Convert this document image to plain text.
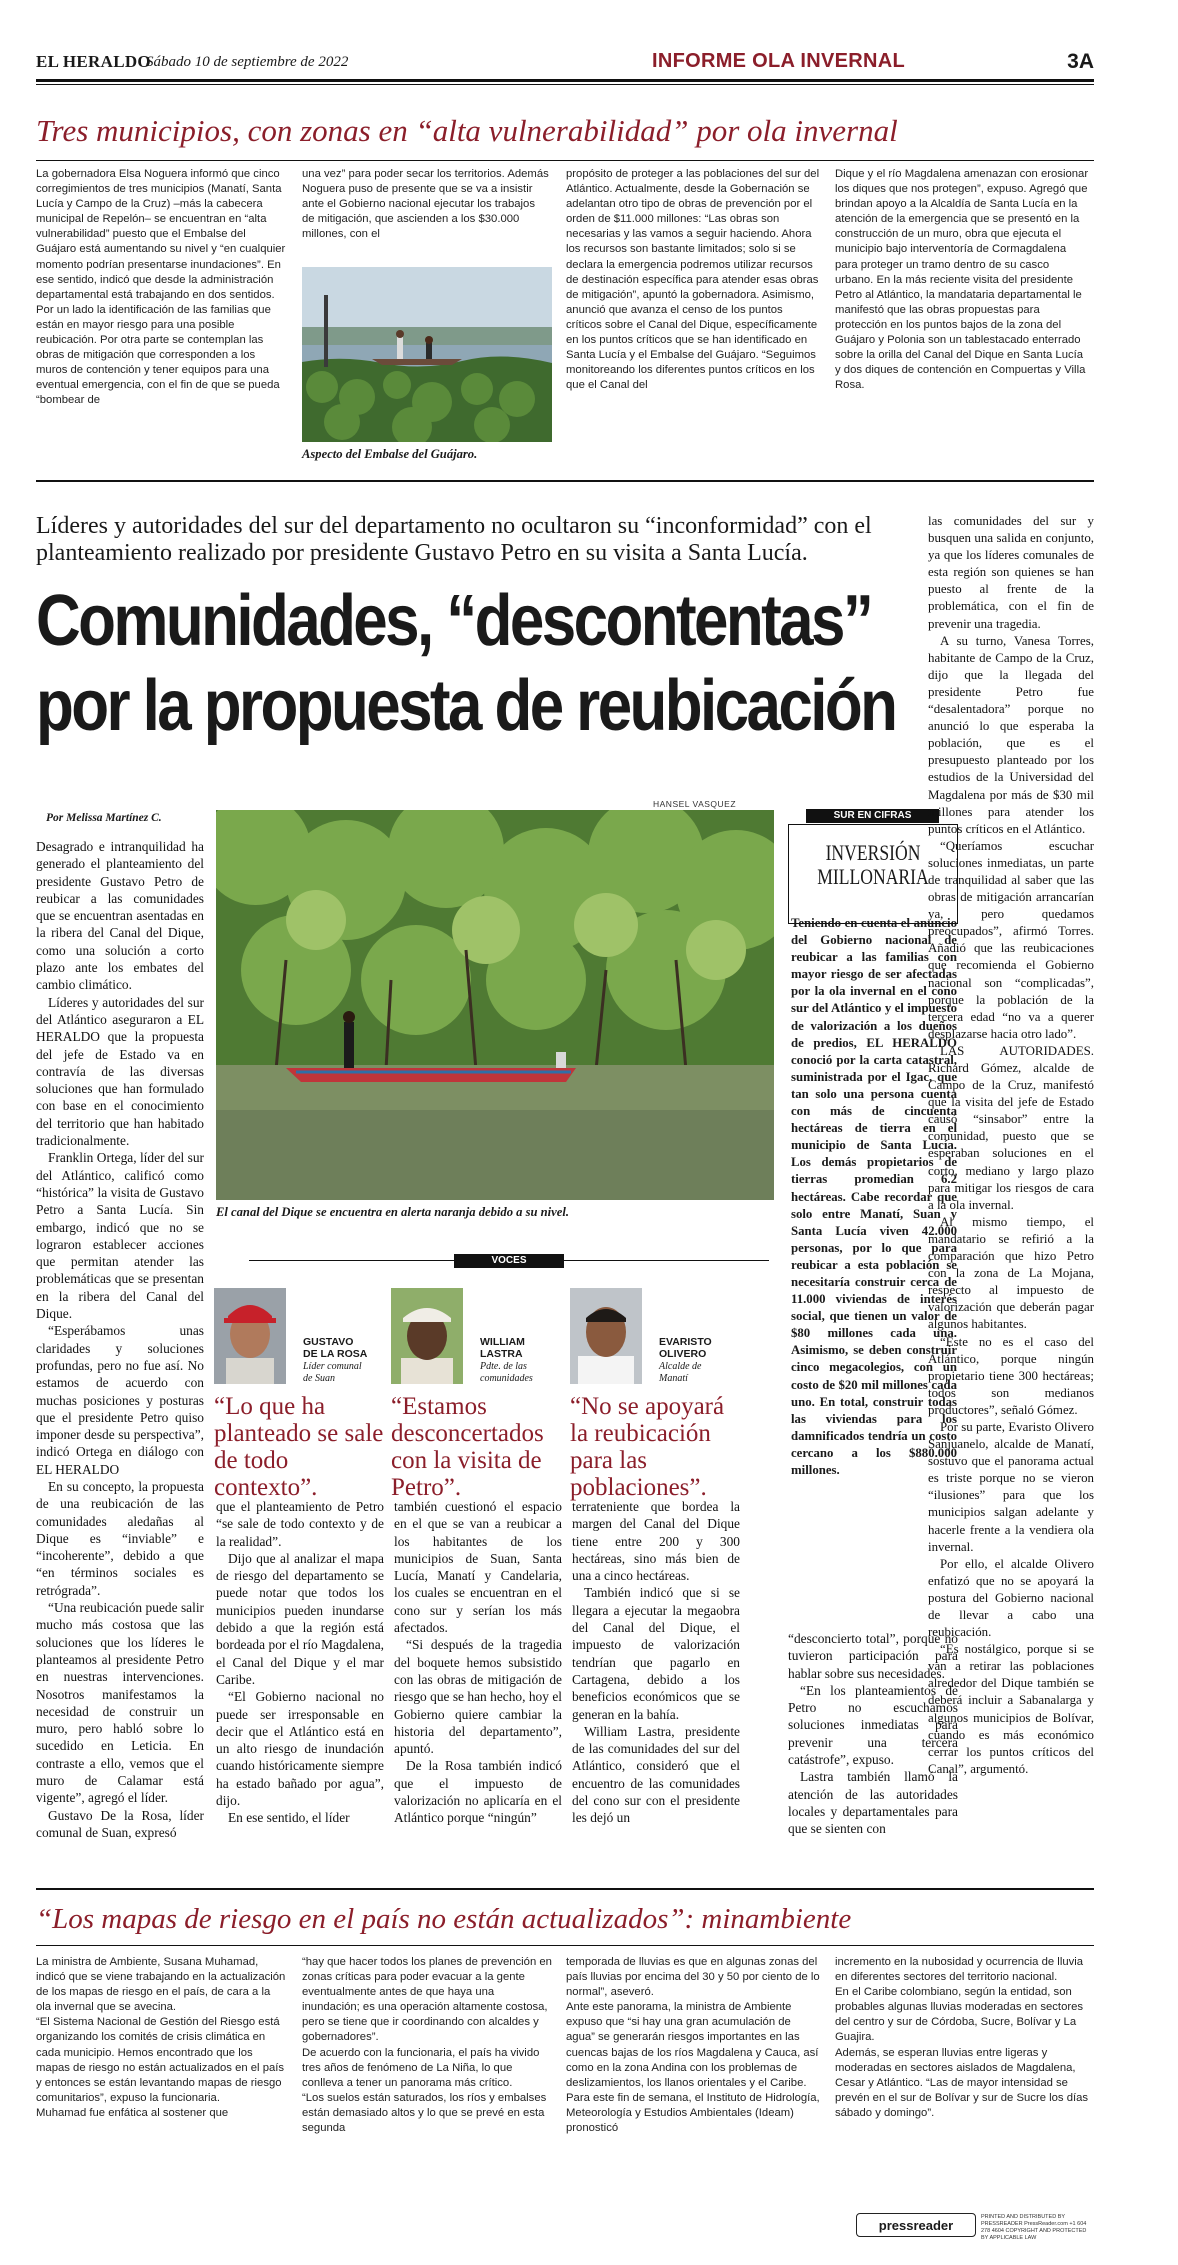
EL HERALDO
Sábado 10 de septiembre de 2022	INFORME OLA INVERNAL	3A
Tres municipios, con zonas en “alta vulnerabilidad” por ola invernal

La gobernadora Elsa Noguera informó que cinco corregimientos de tres municipios (Manatí, Santa Lucía y Campo de la Cruz) –más la cabecera municipal de Repelón– se encuentran en “alta vulnerabilidad” puesto que el Embalse del Guájaro está aumentando su nivel y “en cualquier momento podrían presentarse inundaciones”. En ese sentido, indicó que desde la administración departamental está trabajando en dos sentidos. Por un lado la identificación de las familias que están en mayor riesgo para una posible reubicación. Por otra parte se contemplan las obras de mitigación que corresponden a los muros de contención y tener equipos para una eventual emergencia, con el fin de que se pueda “bombear de

una vez” para poder secar los territorios. Además Noguera puso de presente que se va a insistir ante el Gobierno nacional ejecutar los trabajos de mitigación, que ascienden a los $30.000 millones, con el

Aspecto del Embalse del Guájaro.

propósito de proteger a las poblaciones del sur del Atlántico. Actualmente, desde la Gobernación se adelantan otro tipo de obras de prevención por el orden de $11.000 millones: “Las obras son necesarias y las vamos a seguir haciendo. Ahora los recursos son bastante limitados; solo si se declara la emergencia podremos utilizar recursos de destinación específica para atender esas obras de mitigación”, apuntó la gobernadora. Asimismo, anunció que avanza el censo de los puntos críticos sobre el Canal del Dique, específicamente en los puntos críticos que se han identificado en Santa Lucía y el Embalse del Guájaro. “Seguimos monitoreando los diferentes puntos críticos en los que el Canal del

Dique y el río Magdalena amenazan con erosionar los diques que nos protegen”, expuso. Agregó que brindan apoyo a la Alcaldía de Santa Lucía en la atención de la emergencia que se presentó en la construcción de un muro, obra que ejecuta el municipio bajo interventoría de Cormagdalena para proteger un tramo dentro de su casco urbano. En la más reciente visita del presidente Petro al Atlántico, la mandataria departamental le manifestó que las obras propuestas para protección en los puntos bajos de la zona del Guájaro y Polonia son un tablestacado enterrado sobre la orilla del Canal del Dique en Santa Lucía y dos diques de contención en Compuertas y Villa Rosa.

Líderes y autoridades del sur del departamento no ocultaron su “inconformidad” con el planteamiento realizado por presidente Gustavo Petro en su visita a Santa Lucía.
Comunidades, “descontentas”
por la propuesta de reubicación
Por Melissa Martínez C.
HANSEL VASQUEZ
El canal del Dique se encuentra en alerta naranja debido a su nivel.

Desagrado e intranquilidad ha generado el planteamiento del presidente Gustavo Petro de reubicar a las comunidades que se encuentran asentadas en la ribera del Canal del Dique, como una solución a corto plazo ante los embates del cambio climático.

Líderes y autoridades del sur del Atlántico aseguraron a EL HERALDO que la propuesta del jefe de Estado va en contravía de las diversas soluciones que han formulado con base en el conocimiento del territorio que han habitado tradicionalmente.

Franklin Ortega, líder del sur del Atlántico, calificó como “histórica” la visita de Gustavo Petro a Santa Lucía. Sin embargo, indicó que no se lograron establecer acciones que permitan atender las problemáticas que se presentan en la ribera del Canal del Dique.

“Esperábamos unas claridades y soluciones profundas, pero no fue así. No estamos de acuerdo con muchas posiciones y posturas que el presidente Petro quiso imponer desde su perspectiva”, indicó Ortega en diálogo con EL HERALDO

En su concepto, la propuesta de una reubicación de las comunidades aledañas al Dique es “inviable” e “incoherente”, debido a que “en términos sociales es retrógrada”.

“Una reubicación puede salir mucho más costosa que las soluciones que los líderes le planteamos al presidente Petro en nuestras intervenciones. Nosotros manifestamos la necesidad de construir un muro, pero habló sobre lo sucedido en Leticia. En contraste a ello, vemos que el muro de Calamar está vigente”, agregó el líder.

Gustavo De la Rosa, líder comunal de Suan, expresó

SUR EN CIFRAS
INVERSIÓN MILLONARIA
Teniendo en cuenta el anuncio del Gobierno nacional de reubicar a las familias con mayor riesgo de ser afectadas por la ola invernal en el cono sur del Atlántico y el impuesto de valorización a los dueños de predios, EL HERALDO conoció por la carta catastral, suministrada por el Igac, que tan solo una persona cuenta con más de cincuenta hectáreas de tierra en el municipio de Santa Lucía. Los demás propietarios de tierras promedian 6.2 hectáreas. Cabe recordar que solo entre Manatí, Suan y Santa Lucía viven 42.000 personas, por lo que para reubicar a esta población se necesitaría construir cerca de 11.000 viviendas de interés social, que tienen un valor de $80 millones cada una. Asimismo, se deben construir cinco megacolegios, con un costo de $20 mil millones cada uno. En total, construir todas las viviendas para los damnificados tendría un costo cercano a los $880.000 millones.
VOCES
GUSTAVO
DE LA ROSA
Líder comunal
de Suan
“Lo que ha planteado se sale de todo contexto”.
WILLIAM
LASTRA
Pdte. de las
comunidades
“Estamos desconcertados con la visita de Petro”.
EVARISTO
OLIVERO
Alcalde de
Manatí
“No se apoyará la reubicación para las poblaciones”.

que el planteamiento de Petro “se sale de todo contexto y de la realidad”.

Dijo que al analizar el mapa de riesgo del departamento se puede notar que todos los municipios pueden inundarse debido a que la región está bordeada por el río Magdalena, el Canal del Dique y el mar Caribe.

“El Gobierno nacional no puede ser irresponsable en decir que el Atlántico está en un alto riesgo de inundación cuando históricamente siempre ha estado bañado por agua”, dijo.

En ese sentido, el líder

también cuestionó el espacio en el que se van a reubicar a los habitantes de los municipios de Suan, Santa Lucía, Manatí y Candelaria, los cuales se encuentran en el cono sur y serían los más afectados.

“Si después de la tragedia del boquete hemos subsistido con las obras de mitigación de riesgo que se han hecho, hoy el Gobierno quiere cambiar la historia del departamento”, apuntó.

De la Rosa también indicó que el impuesto de valorización no aplicaría en el Atlántico porque “ningún”

terrateniente que bordea la margen del Canal del Dique tiene entre 200 y 300 hectáreas, sino más bien de una a cinco hectáreas.

También indicó que si se llegara a ejecutar la megaobra del Canal del Dique, el impuesto de valorización tendrían que pagarlo en Cartagena, debido a los beneficios económicos que se generan en la bahía.

William Lastra, presidente de las comunidades del sur del Atlántico, consideró que el encuentro de las comunidades del cono sur con el presidente les dejó un

“desconcierto total”, porque no tuvieron participación para hablar sobre sus necesidades.

“En los planteamientos de Petro no escuchamos soluciones inmediatas para prevenir una tercera catástrofe”, expuso.

Lastra también llamó la atención de las autoridades locales y departamentales para que se sienten con

las comunidades del sur y busquen una salida en conjunto, ya que los líderes comunales de esta región son quienes se han puesto al frente de la problemática, con el fin de prevenir una tragedia.

A su turno, Vanesa Torres, habitante de Campo de la Cruz, dijo que la llegada del presidente Petro fue “desalentadora” porque no anunció lo que esperaba la población, que es el presupuesto planteado por los estudios de la Universidad del Magdalena por más de $30 mil millones para atender los puntos críticos en el Atlántico.

“Queríamos escuchar soluciones inmediatas, un parte de tranquilidad al saber que las obras de mitigación arrancarían ya, pero quedamos preocupados”, afirmó Torres. Añadió que las reubicaciones que recomienda el Gobierno nacional son “complicadas”, porque la población de la tercera edad “no va a querer desplazarse hacia otro lado”.

LAS AUTORIDADES. Richard Gómez, alcalde de Campo de la Cruz, manifestó que la visita del jefe de Estado causó “sinsabor” entre la comunidad, puesto que se esperaban soluciones en el corto, mediano y largo plazo para mitigar los riesgos de cara a la ola invernal.

Al mismo tiempo, el mandatario se refirió a la comparación que hizo Petro con la zona de La Mojana, respecto al impuesto de valorización que deberán pagar algunos habitantes.

“Este no es el caso del Atlántico, porque ningún propietario tiene 300 hectáreas; todos son medianos productores”, señaló Gómez.

Por su parte, Evaristo Olivero Sanjuanelo, alcalde de Manatí, sostuvo que el panorama actual es triste porque no se vieron “ilusiones” para que los municipios salgan adelante y hacerle frente a la vendiera ola invernal.

Por ello, el alcalde Olivero enfatizó que no se apoyará la postura del Gobierno nacional de llevar a cabo una reubicación.

“Es nostálgico, porque si se van a retirar las poblaciones alrededor del Dique también se deberá incluir a Sabanalarga y algunos municipios de Bolívar, cuando es más económico cerrar los puntos críticos del Canal”, argumentó.

“Los mapas de riesgo en el país no están actualizados”: minambiente
La ministra de Ambiente, Susana Muhamad, indicó que se viene trabajando en la actualización de los mapas de riesgo en el país, de cara a la ola invernal que se avecina.
“El Sistema Nacional de Gestión del Riesgo está organizando los comités de crisis climática en cada municipio. Hemos encontrado que los mapas de riesgo no están actualizados en el país y entonces se están levantando mapas de riesgo comunitarios”, expuso la funcionaria.
Muhamad fue enfática al sostener que
“hay que hacer todos los planes de prevención en zonas críticas para poder evacuar a la gente eventualmente antes de que haya una inundación; es una operación altamente costosa, pero se tiene que ir coordinando con alcaldes y gobernadores”.
De acuerdo con la funcionaria, el país ha vivido tres años de fenómeno de La Niña, lo que conlleva a tener un panorama más crítico.
“Los suelos están saturados, los ríos y embalses están demasiado altos y lo que se prevé en esta segunda
temporada de lluvias es que en algunas zonas del país lluvias por encima del 30 y 50 por ciento de lo normal”, aseveró.
Ante este panorama, la ministra de Ambiente expuso que “si hay una gran acumulación de agua” se generarán riesgos importantes en las cuencas bajas de los ríos Magdalena y Cauca, así como en la zona Andina con los problemas de deslizamientos, los llanos orientales y el Caribe.
Para este fin de semana, el Instituto de Hidrología, Meteorología y Estudios Ambientales (Ideam) pronosticó
incremento en la nubosidad y ocurrencia de lluvia en diferentes sectores del territorio nacional.
En el Caribe colombiano, según la entidad, son probables algunas lluvias moderadas en sectores del centro y sur de Córdoba, Sucre, Bolívar y La Guajira.
Además, se esperan lluvias entre ligeras y moderadas en sectores aislados de Magdalena, Cesar y Atlántico. “Las de mayor intensidad se prevén en el sur de Bolívar y sur de Sucre los días sábado y domingo”.
pressreader
PRINTED AND DISTRIBUTED BY PRESSREADER PressReader.com +1 604 278 4604 COPYRIGHT AND PROTECTED BY APPLICABLE LAW
